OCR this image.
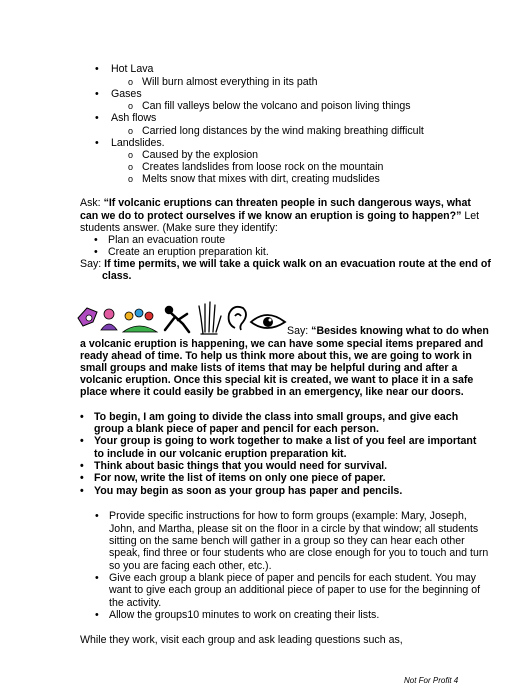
Hot Lava
Will burn almost everything in its path
Gases
Can fill valleys below the volcano and poison living things
Ash flows
Carried long distances by the wind making breathing difficult
Landslides.
Caused by the explosion
Creates landslides from loose rock on the mountain
Melts snow that mixes with dirt, creating mudslides
Ask: “If volcanic eruptions can threaten people in such dangerous ways, what
can we do to protect ourselves if we know an eruption is going to happen?” Let
students answer. (Make sure they identify:
Plan an evacuation route
Create an eruption preparation kit.
Say: If time permits, we will take a quick walk on an evacuation route at the end of
class.
Say: “Besides knowing what to do when
a volcanic eruption is happening, we can have some special items prepared and
ready ahead of time. To help us think more about this, we are going to work in
small groups and make lists of items that may be helpful during and after a
volcanic eruption. Once this special kit is created, we want to place it in a safe
place where it could easily be grabbed in an emergency, like near our doors.
To begin, I am going to divide the class into small groups, and give each
group a blank piece of paper and pencil for each person.
Your group is going to work together to make a list of you feel are important
to include in our volcanic eruption preparation kit.
Think about basic things that you would need for survival.
For now, write the list of items on only one piece of paper.
You may begin as soon as your group has paper and pencils.
Provide specific instructions for how to form groups (example: Mary, Joseph,
John, and Martha, please sit on the floor in a circle by that window; all students
sitting on the same bench will gather in a group so they can hear each other
speak, find three or four students who are close enough for you to touch and turn
so you are facing each other, etc.).
Give each group a blank piece of paper and pencils for each student. You may
want to give each group an additional piece of paper to use for the beginning of
the activity.
Allow the groups10 minutes to work on creating their lists.
While they work, visit each group and ask leading questions such as,
Not For Profit 4
